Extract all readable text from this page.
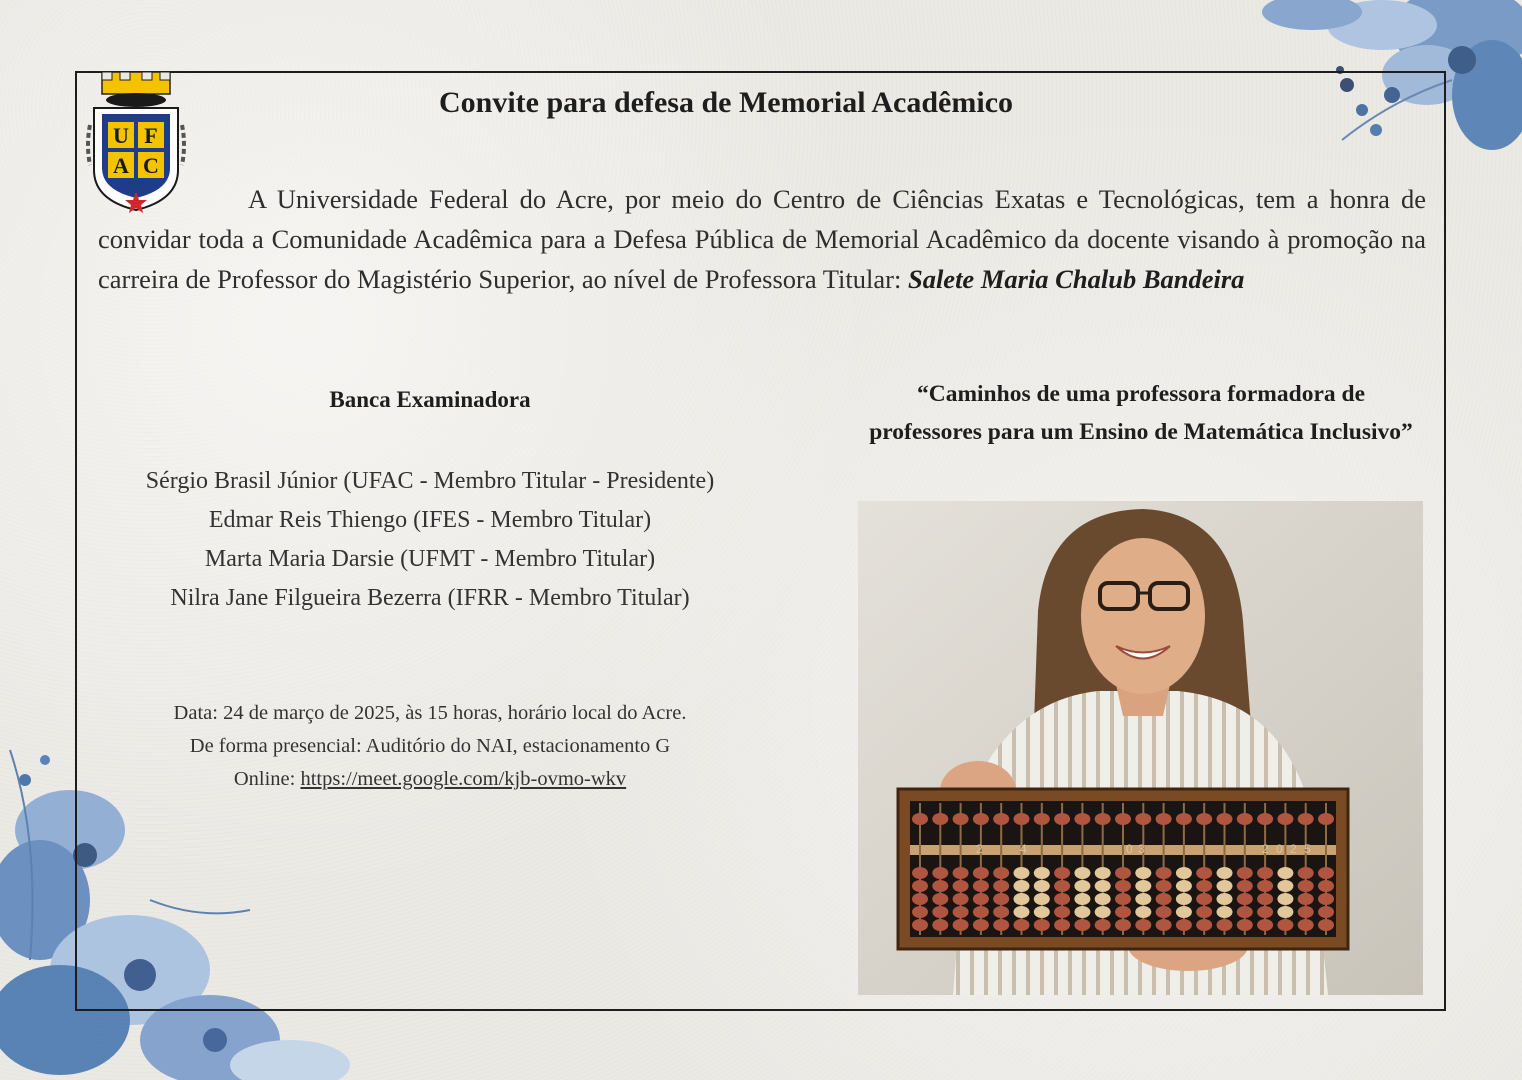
U F
A C
Convite para defesa de Memorial Acadêmico
A Universidade Federal do Acre, por meio do Centro de Ciências Exatas e Tecnológicas, tem a honra de convidar toda a Comunidade Acadêmica para a Defesa Pública de Memorial Acadêmico da docente visando à promoção na carreira de Professor do Magistério Superior, ao nível de Professora Titular: Salete Maria Chalub Bandeira
Banca Examinadora
Sérgio Brasil Júnior (UFAC - Membro Titular - Presidente)
Edmar Reis Thiengo (IFES - Membro Titular)
Marta Maria Darsie (UFMT - Membro Titular)
Nilra Jane Filgueira Bezerra (IFRR - Membro Titular)
Data: 24 de março de 2025, às 15 horas, horário local do Acre.
De forma presencial: Auditório do NAI, estacionamento G
Online: https://meet.google.com/kjb-ovmo-wkv
“Caminhos de uma professora formadora de professores para um Ensino de Matemática Inclusivo”
2	4	0 3	2 0 2 5
